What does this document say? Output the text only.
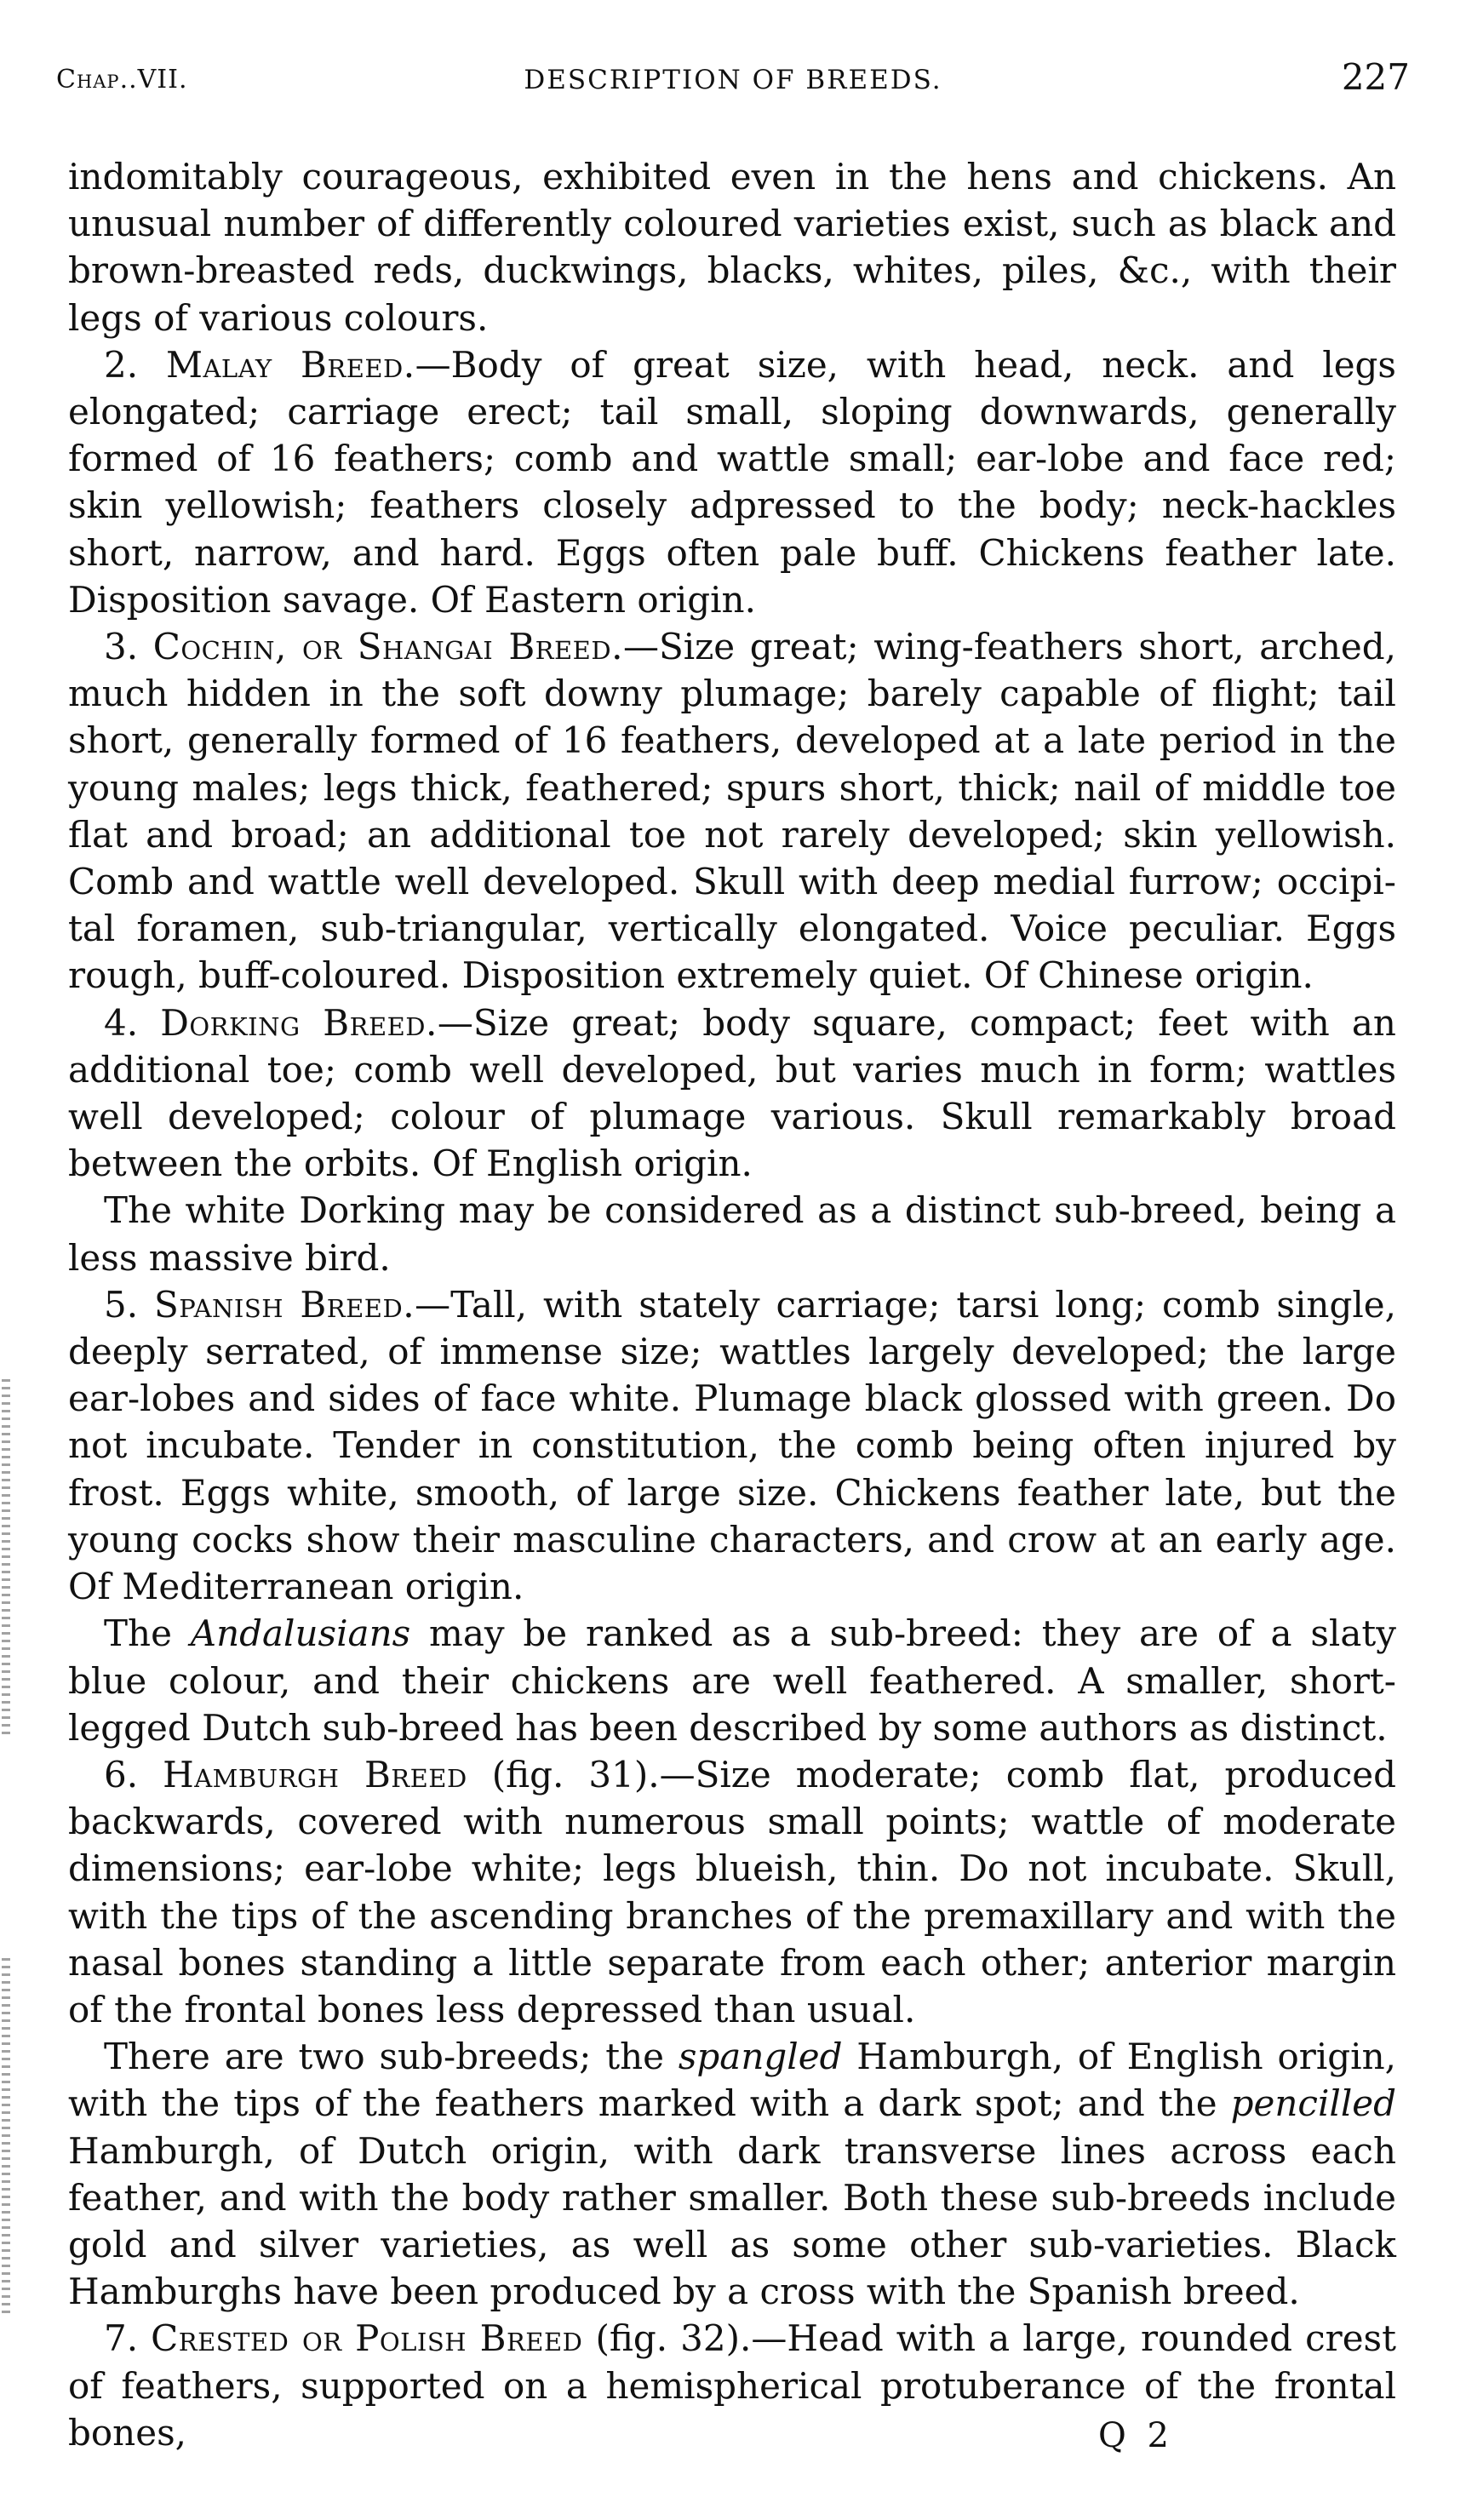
Chap..VII.	DESCRIPTION OF BREEDS.	227

indomitably courageous, exhibited even in the hens and chickens. An unusual number of differently coloured varieties exist, such as black and brown-breasted reds, duckwings, blacks, whites, piles, &c., with their legs of various colours.

2. Malay Breed.—Body of great size, with head, neck. and legs elongated; carriage erect; tail small, sloping downwards, generally formed of 16 feathers; comb and wattle small; ear-lobe and face red; skin yellowish; feathers closely adpressed to the body; neck-hackles short, narrow, and hard. Eggs often pale buff. Chickens feather late. Disposition savage. Of Eastern origin.

3. Cochin, or Shangai Breed.—Size great; wing-feathers short, arched, much hidden in the soft downy plumage; barely capable of flight; tail short, generally formed of 16 feathers, developed at a late period in the young males; legs thick, feathered; spurs short, thick; nail of middle toe flat and broad; an additional toe not rarely developed; skin yellowish. Comb and wattle well developed. Skull with deep medial furrow; occipital foramen, sub-triangular, vertically elongated. Voice peculiar. Eggs rough, buff-coloured. Disposition extremely quiet. Of Chinese origin.

4. Dorking Breed.—Size great; body square, compact; feet with an additional toe; comb well developed, but varies much in form; wattles well developed; colour of plumage various. Skull remarkably broad between the orbits. Of English origin.

The white Dorking may be considered as a distinct sub-breed, being a less massive bird.

5. Spanish Breed.—Tall, with stately carriage; tarsi long; comb single, deeply serrated, of immense size; wattles largely developed; the large ear-lobes and sides of face white. Plumage black glossed with green. Do not incubate. Tender in constitution, the comb being often injured by frost. Eggs white, smooth, of large size. Chickens feather late, but the young cocks show their masculine characters, and crow at an early age. Of Mediterranean origin.

The Andalusians may be ranked as a sub-breed: they are of a slaty blue colour, and their chickens are well feathered. A smaller, short-legged Dutch sub-breed has been described by some authors as distinct.

6. Hamburgh Breed (fig. 31).—Size moderate; comb flat, produced backwards, covered with numerous small points; wattle of moderate dimensions; ear-lobe white; legs blueish, thin. Do not incubate. Skull, with the tips of the ascending branches of the premaxillary and with the nasal bones standing a little separate from each other; anterior margin of the frontal bones less depressed than usual.

There are two sub-breeds; the spangled Hamburgh, of English origin, with the tips of the feathers marked with a dark spot; and the pencilled Hamburgh, of Dutch origin, with dark transverse lines across each feather, and with the body rather smaller. Both these sub-breeds include gold and silver varieties, as well as some other sub-varieties. Black Hamburghs have been produced by a cross with the Spanish breed.

7. Crested or Polish Breed (fig. 32).—Head with a large, rounded crest of feathers, supported on a hemispherical protuberance of the frontal bones,	Q 2
